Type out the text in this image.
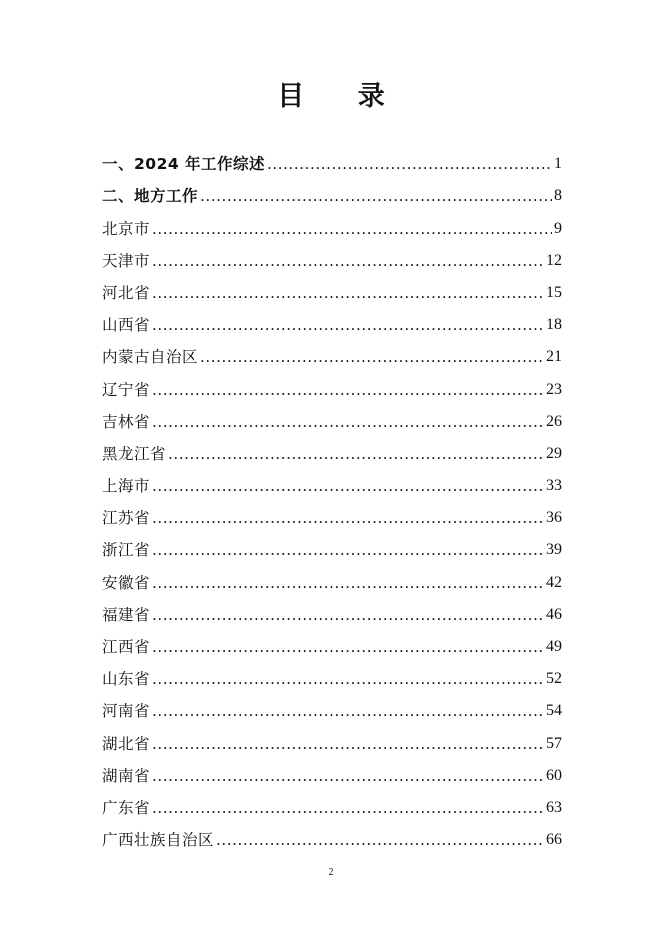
目 录
一、2024 年工作综述 .....	1
二、地方工作 .....	8
北京市 .....	9
天津市 .....	12
河北省 .....	15
山西省 .....	18
内蒙古自治区 .....	21
辽宁省 .....	23
吉林省 .....	26
黑龙江省 .....	29
上海市 .....	33
江苏省 .....	36
浙江省 .....	39
安徽省 .....	42
福建省 .....	46
江西省 .....	49
山东省 .....	52
河南省 .....	54
湖北省 .....	57
湖南省 .....	60
广东省 .....	63
广西壮族自治区 .....	66
2
